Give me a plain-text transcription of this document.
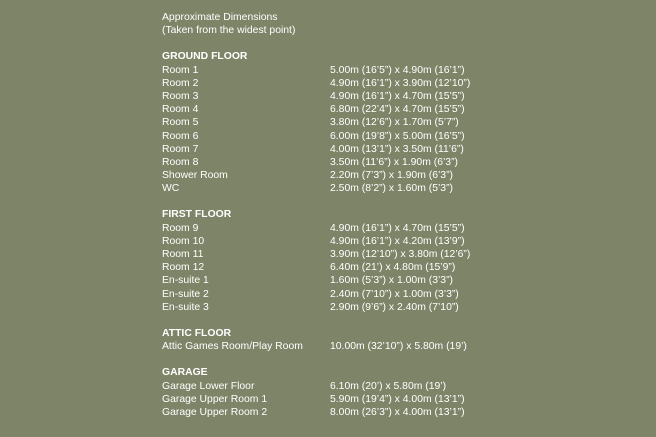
Approximate Dimensions
(Taken from the widest point)
GROUND FLOOR
Room 1	5.00m (16’5”) x 4.90m (16’1”)
Room 2	4.90m (16’1”) x 3.90m (12’10”)
Room 3	4.90m (16’1”) x 4.70m (15’5”)
Room 4	6.80m (22’4”) x 4.70m (15’5”)
Room 5	3.80m (12’6”) x 1.70m (5’7”)
Room 6	6.00m (19’8”) x 5.00m (16’5”)
Room 7	4.00m (13’1”) x 3.50m (11’6”)
Room 8	3.50m (11’6”) x 1.90m (6’3”)
Shower Room	2.20m (7’3”) x 1.90m (6’3”)
WC	2.50m (8’2”) x 1.60m (5’3”)
FIRST FLOOR
Room 9	4.90m (16’1”) x 4.70m (15’5”)
Room 10	4.90m (16’1”) x 4.20m (13’9”)
Room 11	3.90m (12’10”) x 3.80m (12’6”)
Room 12	6.40m (21’) x 4.80m (15’9”)
En-suite 1	1.60m (5’3”) x 1.00m (3’3”)
En-suite 2	2.40m (7’10”) x 1.00m (3’3”)
En-suite 3	2.90m (9’6”) x 2.40m (7’10”)
ATTIC FLOOR
Attic Games Room/Play Room	10.00m (32’10”) x 5.80m (19’)
GARAGE
Garage Lower Floor	6.10m (20’) x 5.80m (19’)
Garage Upper Room 1	5.90m (19’4”) x 4.00m (13’1”)
Garage Upper Room 2	8.00m (26’3”) x 4.00m (13’1”)
